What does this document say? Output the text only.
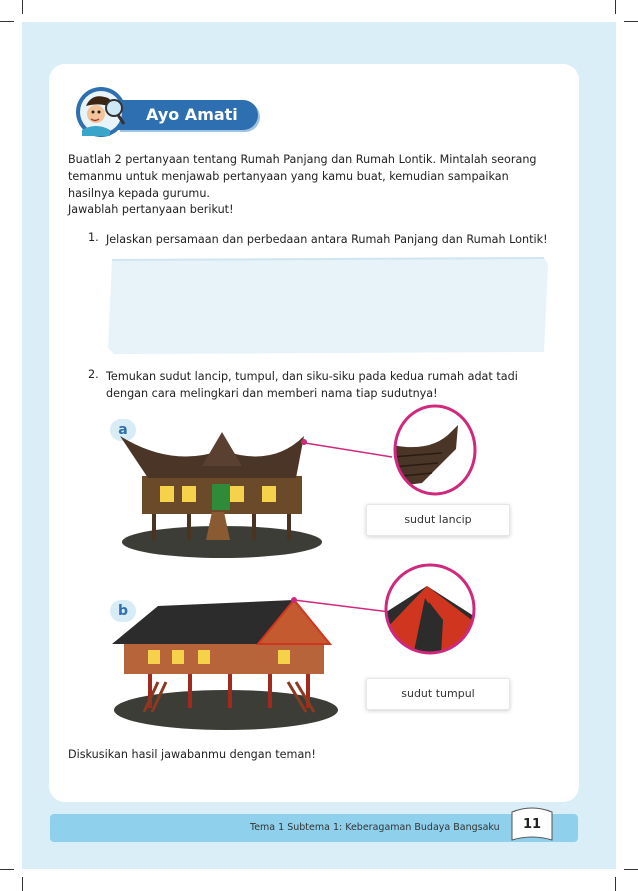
Ayo Amati
Buatlah 2 pertanyaan tentang Rumah Panjang dan Rumah Lontik. Mintalah seorang temanmu untuk menjawab pertanyaan yang kamu buat, kemudian sampaikan hasilnya kepada gurumu.
Jawablah pertanyaan berikut!
1. Jelaskan persamaan dan perbedaan antara Rumah Panjang dan Rumah Lontik!
2. Temukan sudut lancip, tumpul, dan siku-siku pada kedua rumah adat tadi dengan cara melingkari dan memberi nama tiap sudutnya!
a
sudut lancip
b
sudut tumpul
Diskusikan hasil jawabanmu dengan teman!
Tema 1 Subtema 1: Keberagaman Budaya Bangsaku	11
